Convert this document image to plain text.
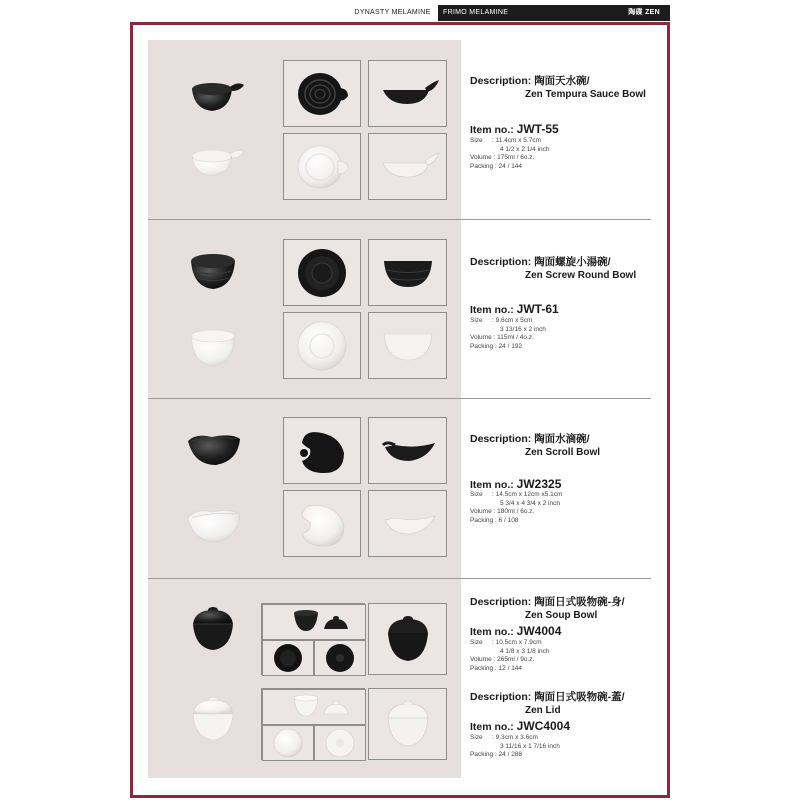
DYNASTY MELAMINE	FRIMO MELAMINE	陶碟 ZEN
Description: 陶面天水碗/
Zen Tempura Sauce Bowl
Item no.: JWT-55
Size	: 11.4cm x 5.7cm
4 1/2 x 2 1/4 inch
Volume : 175ml / 6o.z.
Packing : 24 / 144
Description: 陶面螺旋小湯碗/
Zen Screw Round Bowl
Item no.: JWT-61
Size	: 9.6cm x 5cm
3 13/16 x 2 inch
Volume : 115ml / 4o.z.
Packing : 24 / 192
Description: 陶面水滴碗/
Zen Scroll Bowl
Item no.: JW2325
Size	: 14.5cm x 12cm x5.1cm
5 3/4 x 4 3/4 x 2 inch
Volume : 180ml / 6o.z.
Packing : 6 / 108
Description: 陶面日式吸物碗-身/
Zen Soup Bowl
Item no.: JW4004
Size	: 10.5cm x 7.9cm
4 1/8 x 3 1/8 inch
Volume : 265ml / 9o.z.
Packing : 12 / 144
Description: 陶面日式吸物碗-蓋/
Zen Lid
Item no.: JWC4004
Size	: 9.3cm x 3.6cm
3 11/16 x 1 7/16 inch
Packing : 24 / 288
